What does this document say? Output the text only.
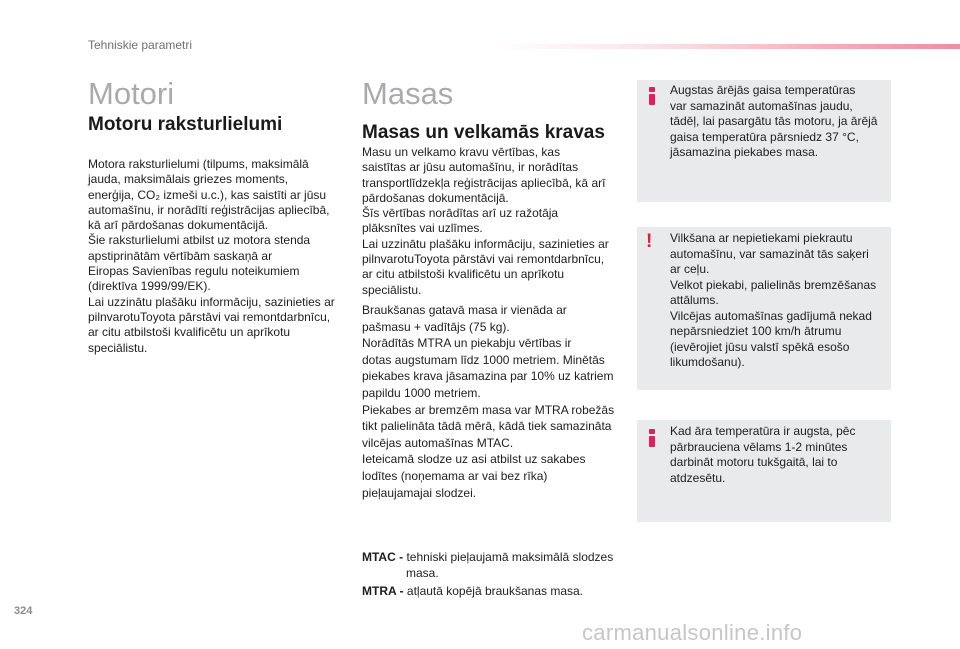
Tehniskie parametri
Motori
Motoru raksturlielumi
Motora raksturlielumi (tilpums, maksimālā
jauda, maksimālais griezes moments,
enerģija, CO₂ izmeši u.c.), kas saistīti ar jūsu
automašīnu, ir norādīti reģistrācijas apliecībā,
kā arī pārdošanas dokumentācijā.
Šie raksturlielumi atbilst uz motora stenda
apstiprinātām vērtībām saskaņā ar
Eiropas Savienības regulu noteikumiem
(direktīva 1999/99/EK).
Lai uzzinātu plašāku informāciju, sazinieties ar
pilnvarotuToyota pārstāvi vai remontdarbnīcu,
ar citu atbilstoši kvalificētu un aprīkotu
speciālistu.
Masas
Masas un velkamās kravas
Masu un velkamo kravu vērtības, kas
saistītas ar jūsu automašīnu, ir norādītas
transportlīdzekļa reģistrācijas apliecībā, kā arī
pārdošanas dokumentācijā.
Šīs vērtības norādītas arī uz ražotāja
plāksnītes vai uzlīmes.
Lai uzzinātu plašāku informāciju, sazinieties ar
pilnvarotuToyota pārstāvi vai remontdarbnīcu,
ar citu atbilstoši kvalificētu un aprīkotu
speciālistu.
Braukšanas gatavā masa ir vienāda ar
pašmasu + vadītājs (75 kg).
Norādītās MTRA un piekabju vērtības ir
dotas augstumam līdz 1000 metriem. Minētās
piekabes krava jāsamazina par 10% uz katriem
papildu 1000 metriem.
Piekabes ar bremzēm masa var MTRA robežās
tikt palielināta tādā mērā, kādā tiek samazināta
vilcējas automašīnas MTAC.
Ieteicamā slodze uz asi atbilst uz sakabes
lodītes (noņemama ar vai bez rīka)
pieļaujamajai slodzei.
MTAC - tehniski pieļaujamā maksimālā slodzes
masa.
MTRA - atļautā kopējā braukšanas masa.
Augstas ārējās gaisa temperatūras
var samazināt automašīnas jaudu,
tādēļ, lai pasargātu tās motoru, ja ārējā
gaisa temperatūra pārsniedz 37 °C,
jāsamazina piekabes masa.
! Vilkšana ar nepietiekami piekrautu
automašīnu, var samazināt tās saķeri
ar ceļu.
Velkot piekabi, palielinās bremzēšanas
attālums.
Vilcējas automašīnas gadījumā nekad
nepārsniedziet 100 km/h ātrumu
(ievērojiet jūsu valstī spēkā esošo
likumdošanu).
Kad āra temperatūra ir augsta, pēc
pārbrauciena vēlams 1-2 minūtes
darbināt motoru tukšgaitā, lai to
atdzesētu.
324
carmanualsonline.info
